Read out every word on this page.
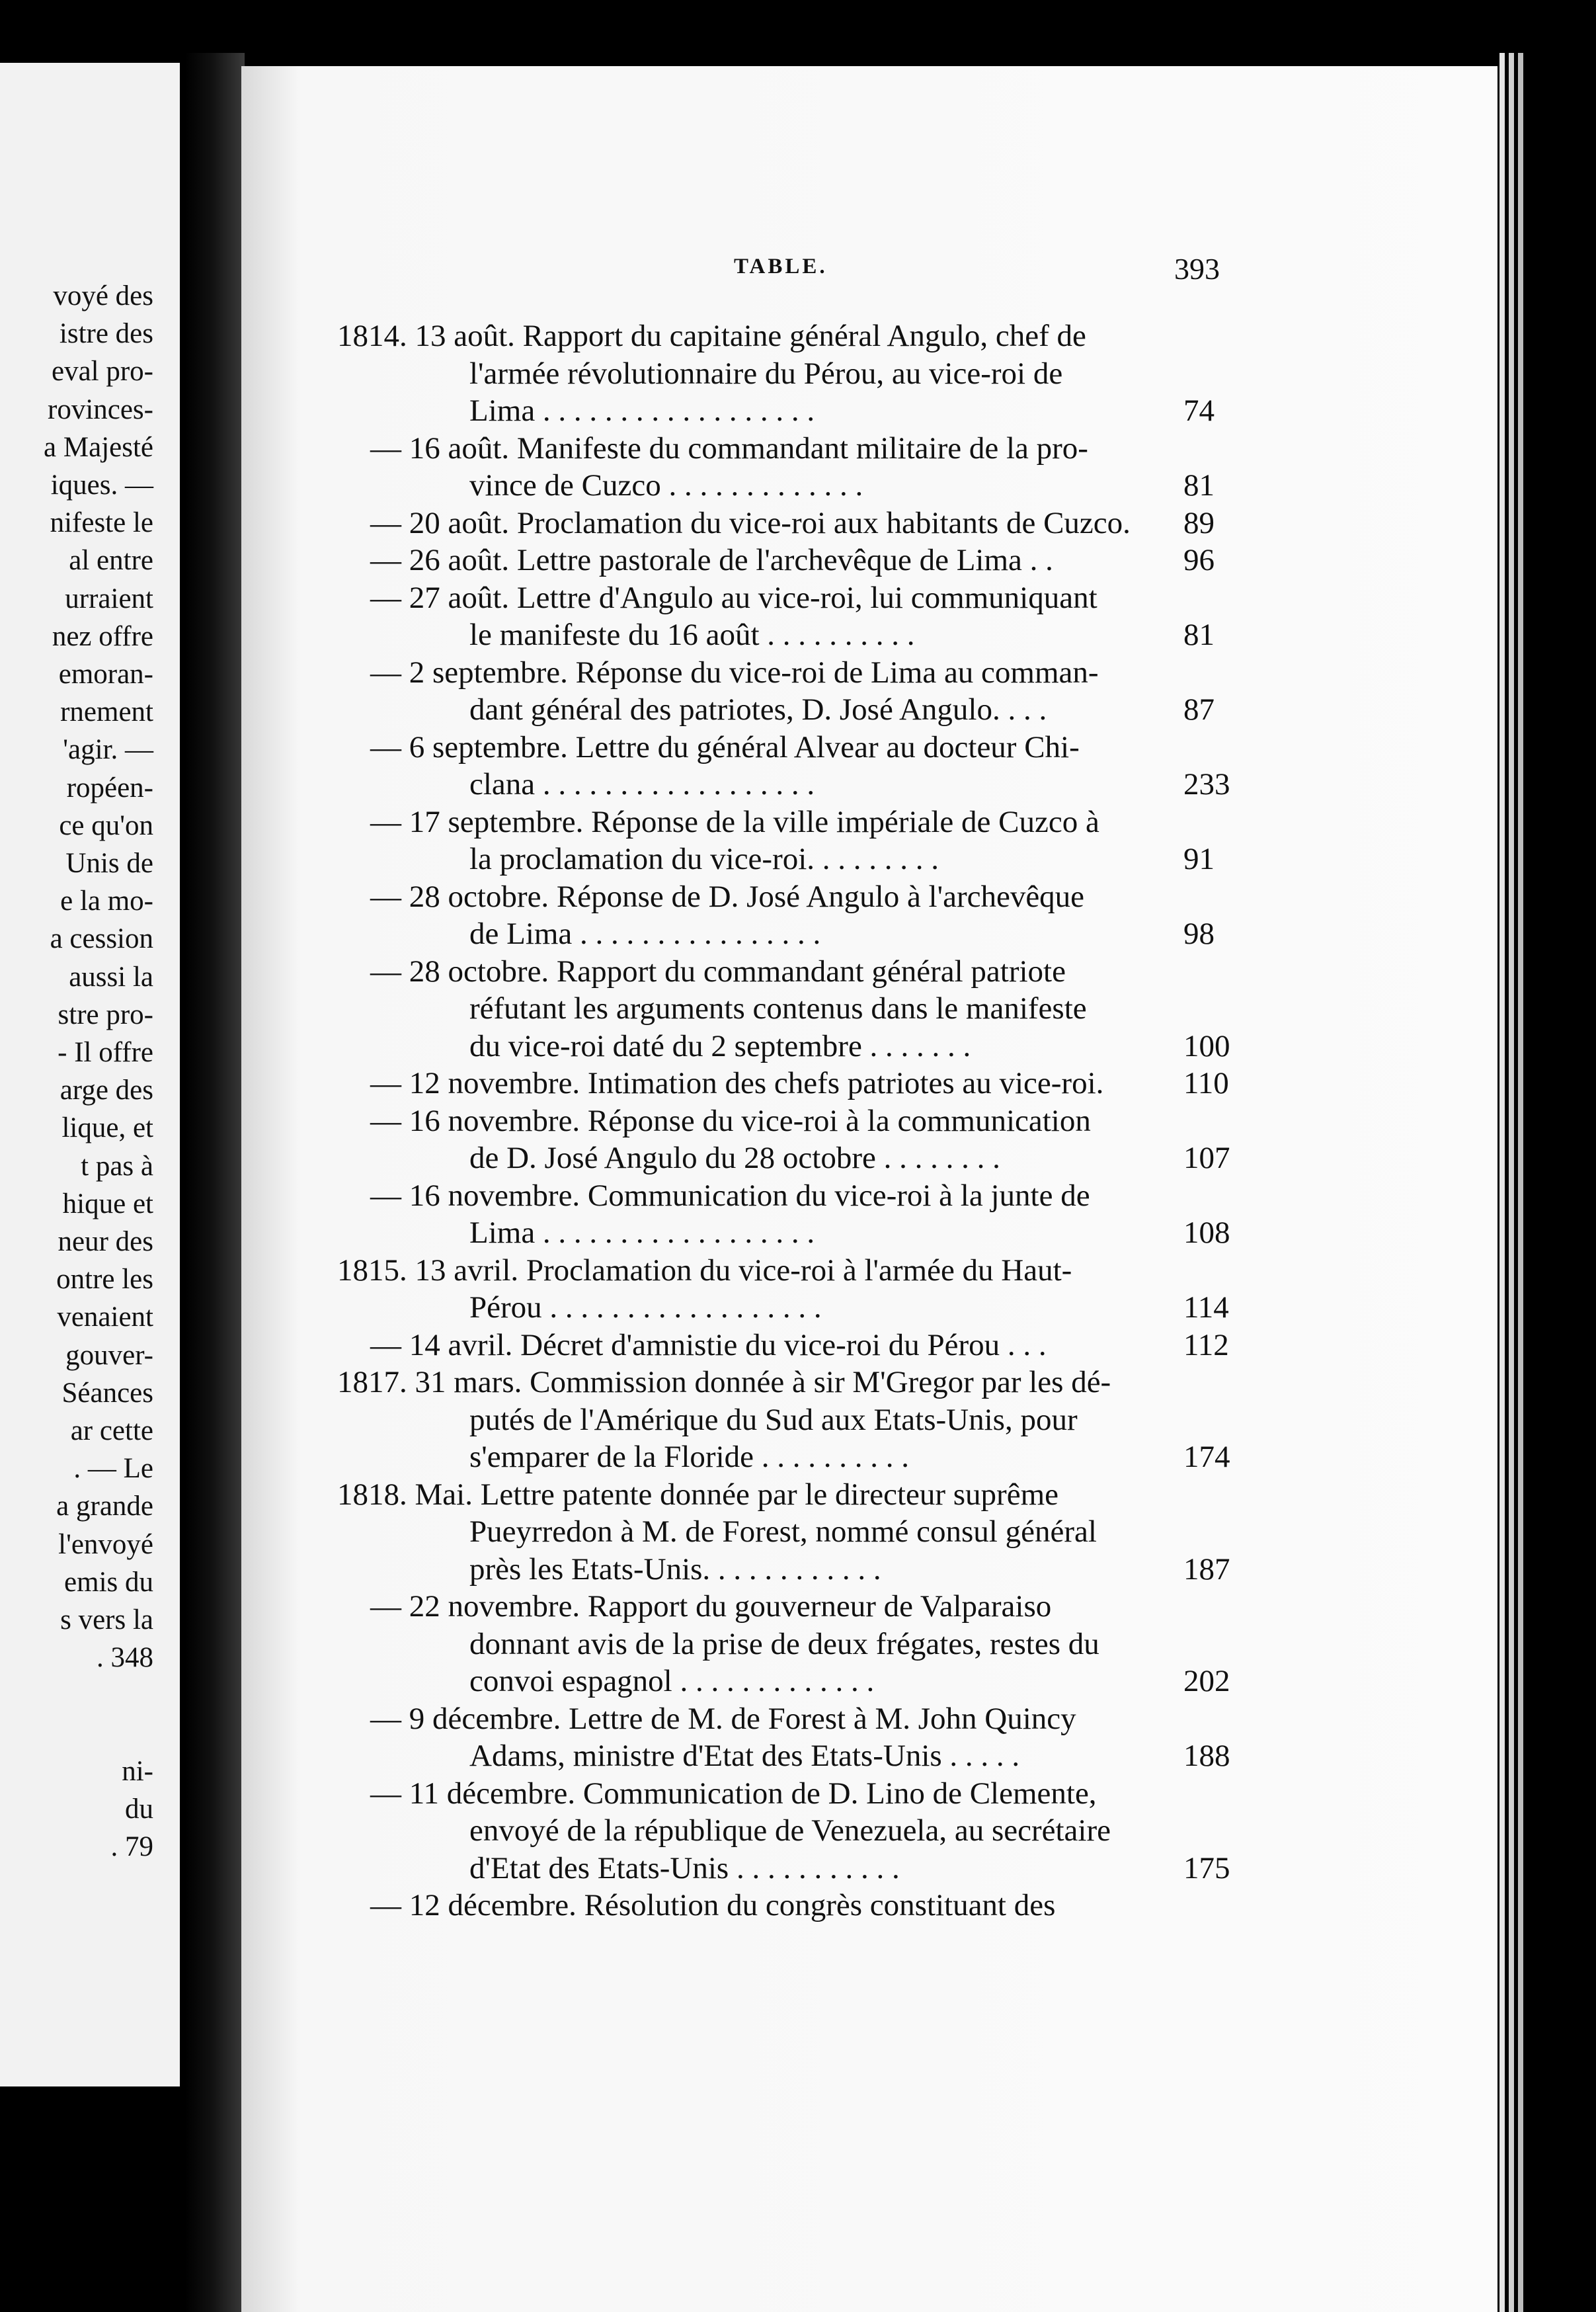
voyé des
istre des
eval pro-
rovinces-
a Majesté
iques. —
nifeste le
al entre
urraient
nez offre
emoran-
rnement
'agir. —
ropéen-
ce qu'on
Unis de
e la mo-
a cession
aussi la
stre pro-
- Il offre
arge des
lique, et
t pas à
hique et
neur des
ontre les
venaient
gouver-
Séances
ar cette
. — Le
a grande
l'envoyé
emis du
s vers la
. 348
ni-
du
. 79
TABLE.	393
1814. 13 août. Rapport du capitaine général Angulo, chef de
l'armée révolutionnaire du Pérou, au vice-roi de
Lima . . . . . . . . . . . . . . . . . .	74
— 16 août. Manifeste du commandant militaire de la pro-
vince de Cuzco . . . . . . . . . . . . .	81
— 20 août. Proclamation du vice-roi aux habitants de Cuzco. 89
— 26 août. Lettre pastorale de l'archevêque de Lima . .	96
— 27 août. Lettre d'Angulo au vice-roi, lui communiquant
le manifeste du 16 août . . . . . . . . . .	81
— 2 septembre. Réponse du vice-roi de Lima au comman-
dant général des patriotes, D. José Angulo. . . .	87
— 6 septembre. Lettre du général Alvear au docteur Chi-
clana . . . . . . . . . . . . . . . . . .	233
— 17 septembre. Réponse de la ville impériale de Cuzco à
la proclamation du vice-roi. . . . . . . . .	91
— 28 octobre. Réponse de D. José Angulo à l'archevêque
de Lima . . . . . . . . . . . . . . . .	98
— 28 octobre. Rapport du commandant général patriote
réfutant les arguments contenus dans le manifeste
du vice-roi daté du 2 septembre . . . . . . .	100
— 12 novembre. Intimation des chefs patriotes au vice-roi.	110
— 16 novembre. Réponse du vice-roi à la communication
de D. José Angulo du 28 octobre . . . . . . . .	107
— 16 novembre. Communication du vice-roi à la junte de
Lima . . . . . . . . . . . . . . . . . .	108
1815. 13 avril. Proclamation du vice-roi à l'armée du Haut-
Pérou . . . . . . . . . . . . . . . . . .	114
— 14 avril. Décret d'amnistie du vice-roi du Pérou . . .	112
1817. 31 mars. Commission donnée à sir M'Gregor par les dé-
putés de l'Amérique du Sud aux Etats-Unis, pour
s'emparer de la Floride . . . . . . . . . .	174
1818. Mai. Lettre patente donnée par le directeur suprême
Pueyrredon à M. de Forest, nommé consul général
près les Etats-Unis. . . . . . . . . . . .	187
— 22 novembre. Rapport du gouverneur de Valparaiso
donnant avis de la prise de deux frégates, restes du
convoi espagnol . . . . . . . . . . . . .	202
— 9 décembre. Lettre de M. de Forest à M. John Quincy
Adams, ministre d'Etat des Etats-Unis . . . . .	188
— 11 décembre. Communication de D. Lino de Clemente,
envoyé de la république de Venezuela, au secrétaire
d'Etat des Etats-Unis . . . . . . . . . . .	175
— 12 décembre. Résolution du congrès constituant des
